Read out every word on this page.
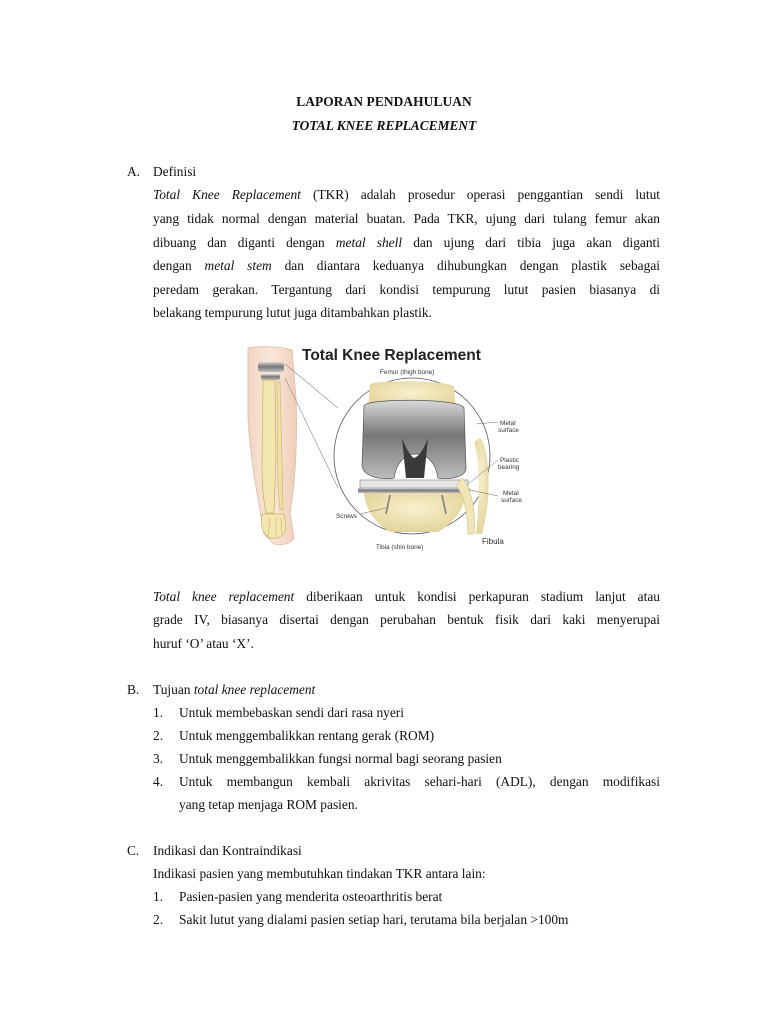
LAPORAN PENDAHULUAN
TOTAL KNEE REPLACEMENT
A. Definisi
Total Knee Replacement (TKR) adalah prosedur operasi penggantian sendi lutut
yang tidak normal dengan material buatan. Pada TKR, ujung dari tulang femur akan
dibuang dan diganti dengan metal shell dan ujung dari tibia juga akan diganti
dengan metal stem dan diantara keduanya dihubungkan dengan plastik sebagai
peredam gerakan. Tergantung dari kondisi tempurung lutut pasien biasanya di
belakang tempurung lutut juga ditambahkan plastik.
Total Knee Replacement
Femur (thigh bone)
Metal
surface
Plastic
bearing
Metal
surface
Screws
Fibula
Tibia (shin bone)
Total knee replacement diberikaan untuk kondisi perkapuran stadium lanjut atau
grade IV, biasanya disertai dengan perubahan bentuk fisik dari kaki menyerupai
huruf ‘O’ atau ‘X’.
B. Tujuan total knee replacement
1. Untuk membebaskan sendi dari rasa nyeri
2. Untuk menggembalikkan rentang gerak (ROM)
3. Untuk menggembalikkan fungsi normal bagi seorang pasien
4. Untuk membangun kembali akrivitas sehari-hari (ADL), dengan modifikasi
yang tetap menjaga ROM pasien.
C. Indikasi dan Kontraindikasi
Indikasi pasien yang membutuhkan tindakan TKR antara lain:
1. Pasien-pasien yang menderita osteoarthritis berat
2. Sakit lutut yang dialami pasien setiap hari, terutama bila berjalan >100m
